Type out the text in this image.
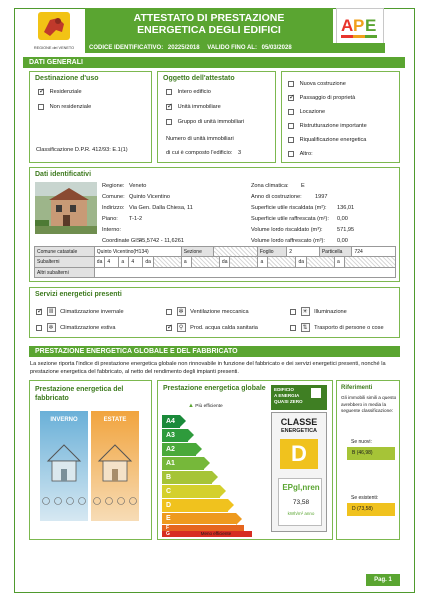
REGIONE del VENETO
ATTESTATO DI PRESTAZIONE
ENERGETICA DEGLI EDIFICI	A P E
CODICE IDENTIFICATIVO: 20225/2018 VALIDO FINO AL: 05/03/2028
DATI GENERALI
Destinazione d'uso
✓ Residenziale
Non residenziale
Classificazione D.P.R. 412/93: E.1(1)
Oggetto dell'attestato
Intero edificio
✓ Unità immobiliare
Gruppo di unità immobiliari
Numero di unità immobiliari
di cui è composto l'edificio: 3
Nuova costruzione
✓ Passaggio di proprietà
Locazione
Ristrutturazione importante
Riqualificazione energetica
Altro:
Dati identificativi
Regione: Veneto
Comune: Quinto Vicentino
Indirizzo: Via Gen. Dalla Chiesa, 11
Piano: T-1-2
Interno:
Coordinate GIS:45,5742 - 11,6261
Zona climatica: E
Anno di costruzione: 1997
Superficie utile riscaldata (m²): 136,01
Superficie utile raffrescata (m²): 0,00
Volume lordo riscaldato (m³):	571,95
Volume lordo raffrescato (m³): 0,00
Comune catastale	Quinto Vicentino(H134)	Sezione		Foglio	2	Particella	724
Subalterni		da	4	a	4	da		a		da		a		da		a	

Altri subalterni	
Servizi energetici presenti
✓ Ⅲ Climatizzazione invernale	✻ Ventilazione meccanica	☀ Illuminazione
❄ Climatizzazione estiva
✓	⚲ Prod. acqua calda sanitaria	⇅ Trasporto di persone o cose
PRESTAZIONE ENERGETICA GLOBALE E DEL FABBRICATO
La sezione riporta l'indice di prestazione energetica globale non rinnovabile in funzione del fabbricato e dei servizi energetici presenti, nonché la prestazione energetica del fabbricato, al netto del rendimento degli impianti presenti.
Prestazione energetica del
fabbricato
INVERNO	ESTATE
Prestazione energetica globale
▲ Più efficiente
A4
A3
A2
A1
B
C
D
E
F
G
EDIFICIO
A ENERGIA
QUASI ZERO
CLASSE
ENERGETICA
D
EPgl,nren
73,58
kWh/m² anno
▼ Meno efficiente
Riferimenti
Gli immobili simili a questo avrebbero in media la seguente classificazione:
Se nuovi:
B (46,98)
Se esistenti:
D (73,58)
Pag. 1
